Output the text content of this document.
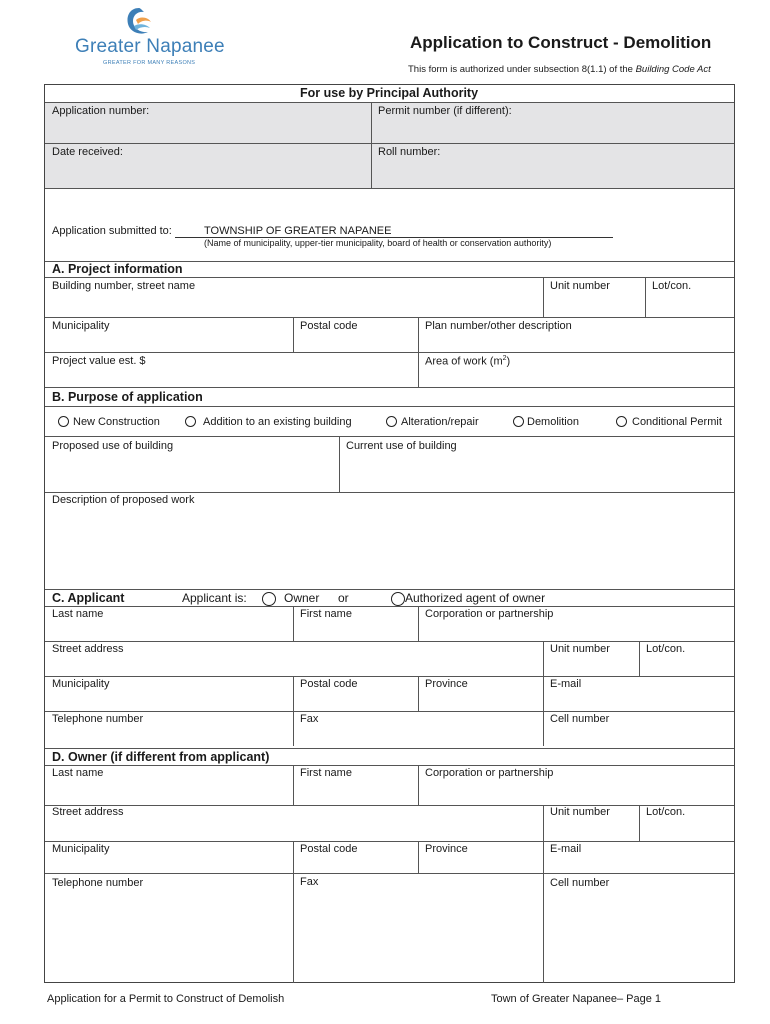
Greater Napanee
GREATER FOR MANY REASONS
Application to Construct - Demolition
This form is authorized under subsection 8(1.1) of the Building Code Act
For use by Principal Authority
Application number:	Permit number (if different):
Date received:	Roll number:
Application submitted to:	TOWNSHIP OF GREATER NAPANEE
(Name of municipality, upper-tier municipality, board of health or conservation authority)
A. Project information
Building number, street name	Unit number	Lot/con.
Municipality	Postal code	Plan number/other description
Project value est. $	Area of work $(m^2)$
B. Purpose of application
New Construction	Addition to an existing building	Alteration/repair	Demolition	Conditional Permit
Proposed use of building	Current use of building
Description of proposed work
C. Applicant	Applicant is:	Owner or	Authorized agent of owner
Last name	First name	Corporation or partnership
Street address	Unit number	Lot/con.
Municipality	Postal code	Province	E-mail
Telephone number	Fax	Cell number
D. Owner (if different from applicant)
Last name	First name	Corporation or partnership
Street address	Unit number	Lot/con.
Municipality	Postal code	Province	E-mail
Telephone number	Fax	Cell number
Application for a Permit to Construct of Demolish	Town of Greater Napanee– Page 1
